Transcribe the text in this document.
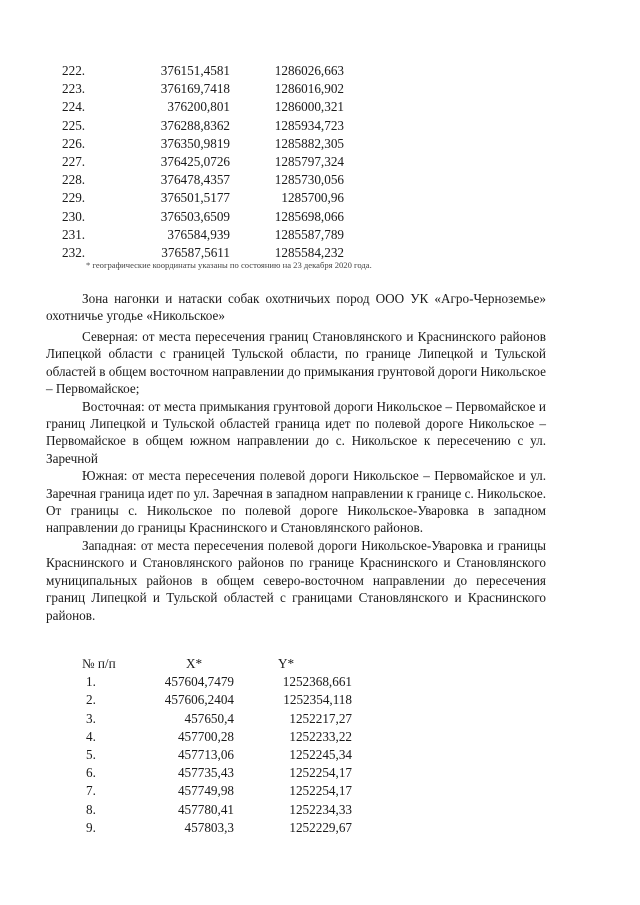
222.	376151,4581	1286026,663
223.	376169,7418	1286016,902
224.	376200,801	1286000,321
225.	376288,8362	1285934,723
226.	376350,9819	1285882,305
227.	376425,0726	1285797,324
228.	376478,4357	1285730,056
229.	376501,5177	1285700,96
230.	376503,6509	1285698,066
231.	376584,939	1285587,789
232.	376587,5611	1285584,232
* географические координаты указаны по состоянию на 23 декабря 2020 года.

Зона нагонки и натаски собак охотничьих пород ООО УК «Агро-Черноземье» охотничье угодье «Никольское»

Северная: от места пересечения границ Становлянского и Краснинского районов Липецкой области с границей Тульской области, по границе Липецкой и Тульской областей в общем восточном направлении до примыкания грунтовой дороги Никольское – Первомайское;

Восточная: от места примыкания грунтовой дороги Никольское – Первомайское и границ Липецкой и Тульской областей граница идет по полевой дороге Никольское – Первомайское в общем южном направлении до с. Никольское к пересечению с ул. Заречной

Южная: от места пересечения полевой дороги Никольское – Первомайское и ул. Заречная граница идет по ул. Заречная в западном направлении к границе с. Никольское. От границы с. Никольское по полевой дороге Никольское-Уваровка в западном направлении до границы Краснинского и Становлянского районов.

Западная: от места пересечения полевой дороги Никольское-Уваровка и границы Краснинского и Становлянского районов по границе Краснинского и Становлянского муниципальных районов в общем северо-восточном направлении до пересечения границ Липецкой и Тульской областей с границами Становлянского и Краснинского районов.

№ п/п	X*	Y*
1.	457604,7479	1252368,661
2.	457606,2404	1252354,118
3.	457650,4	1252217,27
4.	457700,28	1252233,22
5.	457713,06	1252245,34
6.	457735,43	1252254,17
7.	457749,98	1252254,17
8.	457780,41	1252234,33
9.	457803,3	1252229,67
